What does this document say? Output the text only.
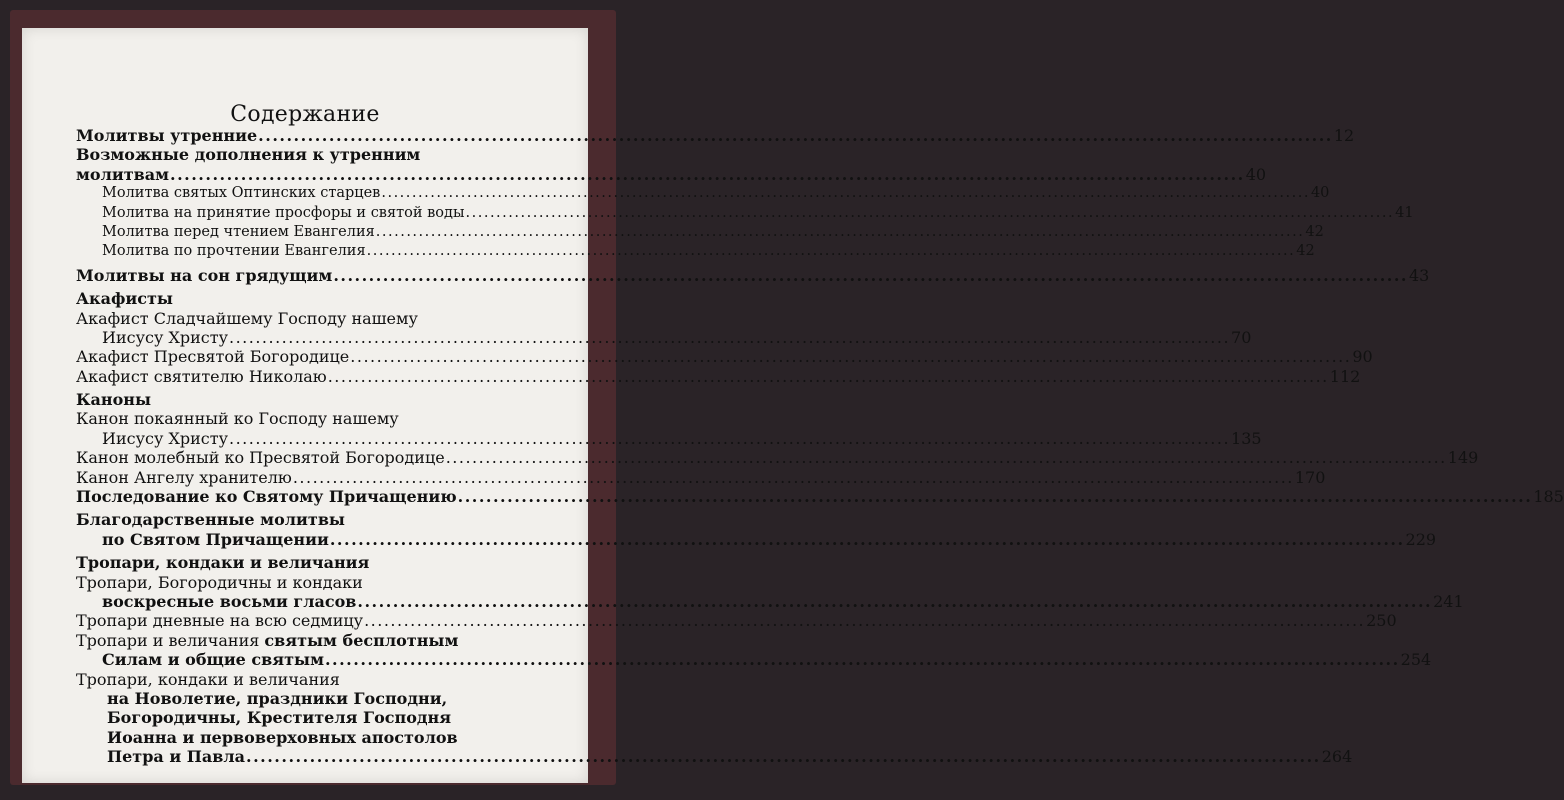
Содержание
Молитвы утренние .....	12
Возможные дополнения к утренним
молитвам .....	40
Молитва святых Оптинских старцев .....	40
Молитва на принятие просфоры и святой воды .....	41
Молитва перед чтением Евангелия .....	42
Молитва по прочтении Евангелия .....	42
Молитвы на сон грядущим .....	43
Акафисты
Акафист Сладчайшему Господу нашему
Иисусу Христу .....	70
Акафист Пресвятой Богородице .....	90
Акафист святителю Николаю .....	112
Каноны
Канон покаянный ко Господу нашему
Иисусу Христу .....	135
Канон молебный ко Пресвятой Богородице .....	149
Канон Ангелу хранителю .....	170
Последование ко Святому Причащению .....	185
Благодарственные молитвы
по Святом Причащении .....	229
Тропари, кондаки и величания
Тропари, Богородичны и кондаки
воскресные восьми гласов .....	241
Тропари дневные на всю седмицу .....	250
Тропари и величания святым бесплотным
Силам и общие святым .....	254
Тропари, кондаки и величания
на Новолетие, праздники Господни,
Богородичны, Крестителя Господня
Иоанна и первоверховных апостолов
Петра и Павла .....	264
